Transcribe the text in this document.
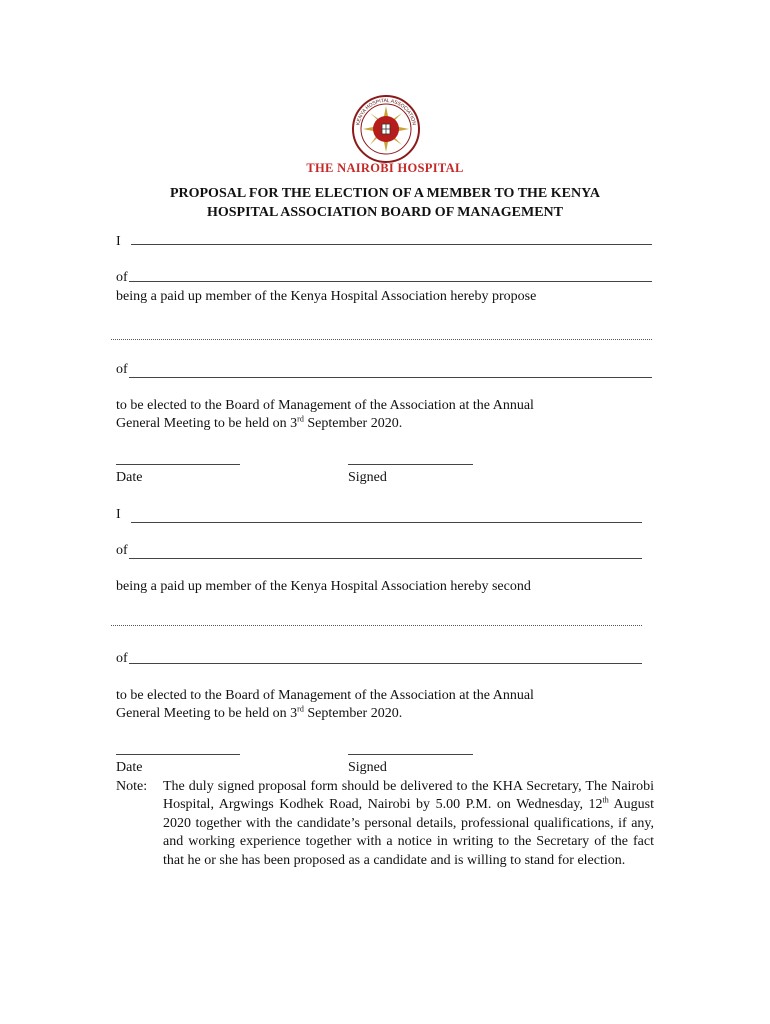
KENYA HOSPITAL ASSOCIATION
THE NAIROBI HOSPITAL
PROPOSAL FOR THE ELECTION OF A MEMBER TO THE KENYA
HOSPITAL ASSOCIATION BOARD OF MANAGEMENT
I
of
being a paid up member of the Kenya Hospital Association hereby propose
of
to be elected to the Board of Management of the Association at the Annual
General Meeting to be held on 3rd September 2020.
Date	Signed
I
of
being a paid up member of the Kenya Hospital Association hereby second
of
to be elected to the Board of Management of the Association at the Annual
General Meeting to be held on 3rd September 2020.
Date	Signed
Note:	The duly signed proposal form should be delivered to the KHA Secretary, The Nairobi Hospital, Argwings Kodhek Road, Nairobi by 5.00 P.M. on Wednesday, 12th August 2020 together with the candidate’s personal details, professional qualifications, if any, and working experience together with a notice in writing to the Secretary of the fact that he or she has been proposed as a candidate and is willing to stand for election.
